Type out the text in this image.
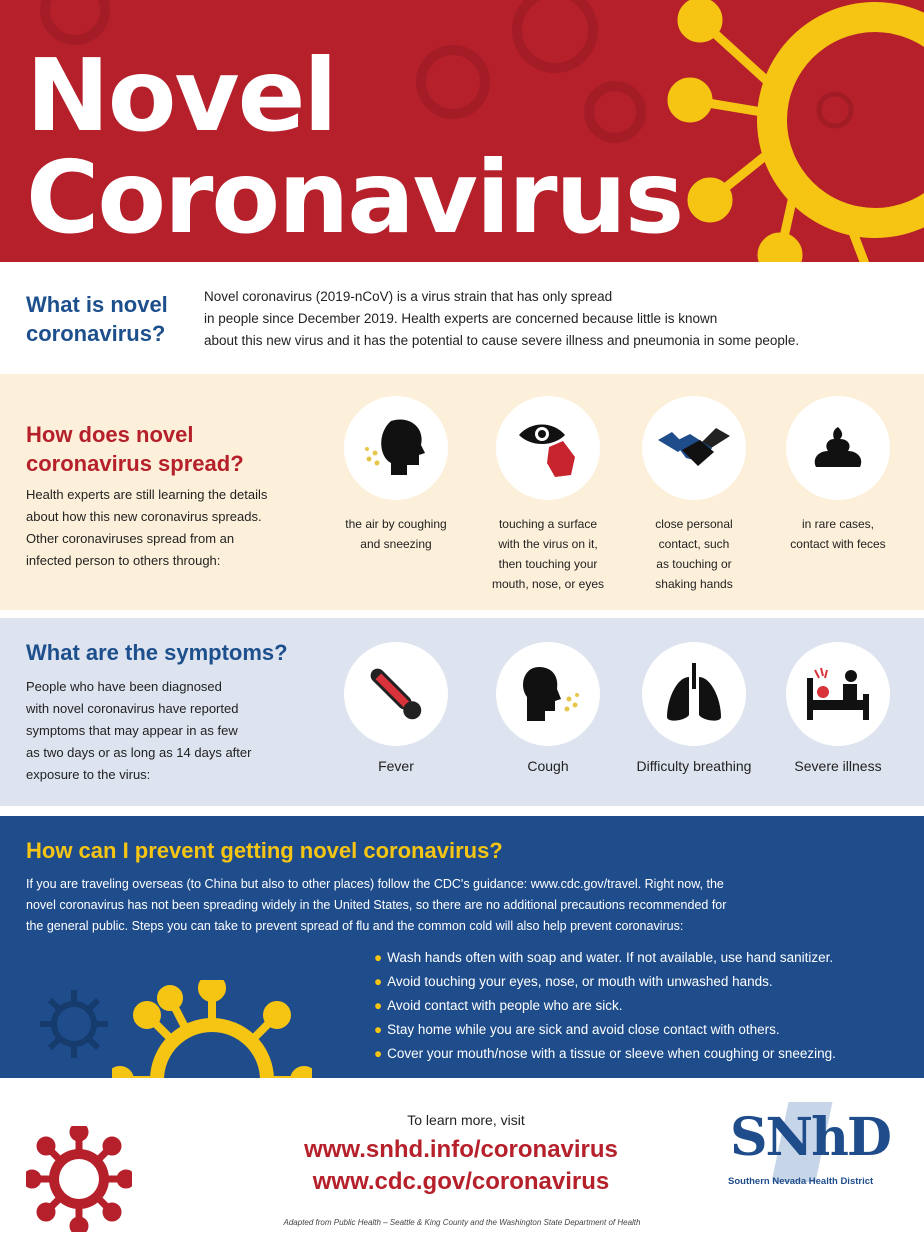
Novel
Coronavirus
What is novel
coronavirus?
Novel coronavirus (2019-nCoV) is a virus strain that has only spread
in people since December 2019. Health experts are concerned because little is known
about this new virus and it has the potential to cause severe illness and pneumonia in some people.
How does novel
coronavirus spread?
Health experts are still learning the details
about how this new coronavirus spreads.
Other coronaviruses spread from an
infected person to others through:
the air by coughing
and sneezing
touching a surface
with the virus on it,
then touching your
mouth, nose, or eyes
close personal
contact, such
as touching or
shaking hands
in rare cases,
contact with feces
What are the symptoms?
People who have been diagnosed
with novel coronavirus have reported
symptoms that may appear in as few
as two days or as long as 14 days after
exposure to the virus:
Fever	Cough	Difficulty breathing	Severe illness
How can I prevent getting novel coronavirus?
If you are traveling overseas (to China but also to other places) follow the CDC's guidance: www.cdc.gov/travel. Right now, the
novel coronavirus has not been spreading widely in the United States, so there are no additional precautions recommended for
the general public. Steps you can take to prevent spread of flu and the common cold will also help prevent coronavirus:
● Wash hands often with soap and water. If not available, use hand sanitizer.
● Avoid touching your eyes, nose, or mouth with unwashed hands.
● Avoid contact with people who are sick.
● Stay home while you are sick and avoid close contact with others.
● Cover your mouth/nose with a tissue or sleeve when coughing or sneezing.
To learn more, visit
www.snhd.info/coronavirus
www.cdc.gov/coronavirus
SNhD
Southern Nevada Health District
Adapted from Public Health – Seattle & King County and the Washington State Department of Health
